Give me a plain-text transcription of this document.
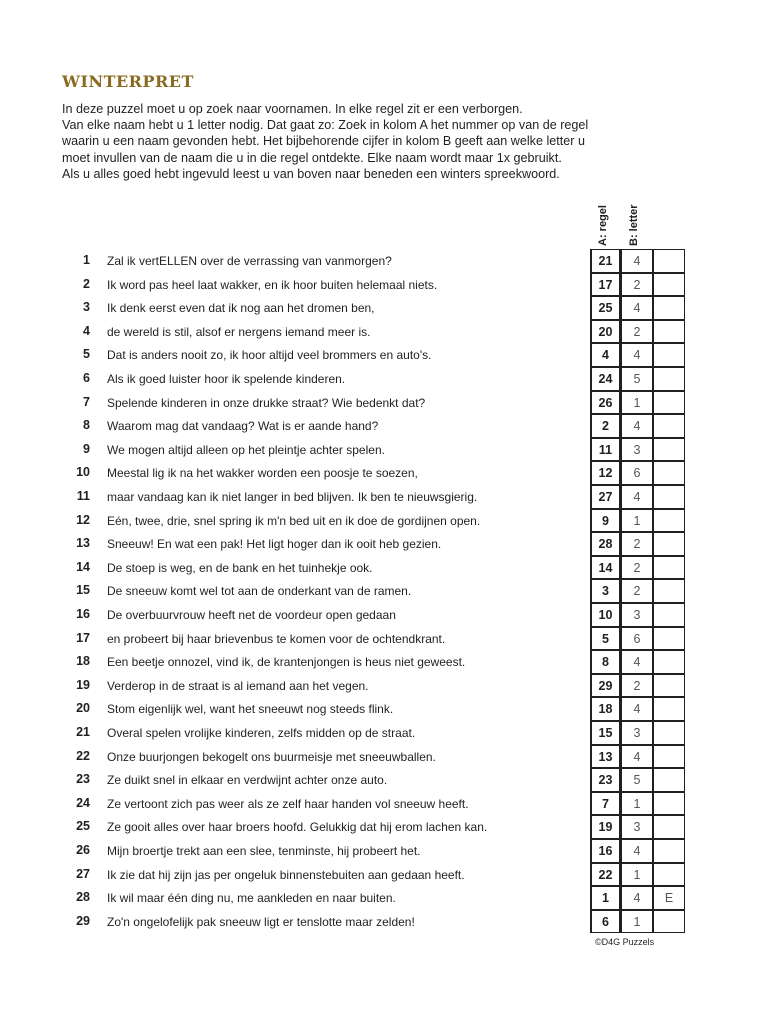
WINTERPRET
In deze puzzel moet u op zoek naar voornamen. In elke regel zit er een verborgen.
Van elke naam hebt u 1 letter nodig. Dat gaat zo: Zoek in kolom A het nummer op van de regel
waarin u een naam gevonden hebt. Het bijbehorende cijfer in kolom B geeft aan welke letter u
moet invullen van de naam die u in die regel ontdekte. Elke naam wordt maar 1x gebruikt.
Als u alles goed hebt ingevuld leest u van boven naar beneden een winters spreekwoord.
A: regel B: letter
1 Zal ik vertELLEN over de verrassing van vanmorgen?	21	4
2 Ik word pas heel laat wakker, en ik hoor buiten helemaal niets.	17	2
3 Ik denk eerst even dat ik nog aan het dromen ben,	25	4
4 de wereld is stil, alsof er nergens iemand meer is.	20	2
5 Dat is anders nooit zo, ik hoor altijd veel brommers en auto's.	4	4
6 Als ik goed luister hoor ik spelende kinderen.	24	5
7 Spelende kinderen in onze drukke straat? Wie bedenkt dat?	26	1
8 Waarom mag dat vandaag? Wat is er aande hand?	2	4
9 We mogen altijd alleen op het pleintje achter spelen.	11	3
10 Meestal lig ik na het wakker worden een poosje te soezen,	12	6
11 maar vandaag kan ik niet langer in bed blijven. Ik ben te nieuwsgierig.	27	4
12 Eén, twee, drie, snel spring ik m'n bed uit en ik doe de gordijnen open.	9	1
13 Sneeuw! En wat een pak! Het ligt hoger dan ik ooit heb gezien.	28	2
14 De stoep is weg, en de bank en het tuinhekje ook.	14	2
15 De sneeuw komt wel tot aan de onderkant van de ramen.	3	2
16 De overbuurvrouw heeft net de voordeur open gedaan	10	3
17 en probeert bij haar brievenbus te komen voor de ochtendkrant.	5	6
18 Een beetje onnozel, vind ik, de krantenjongen is heus niet geweest.	8	4
19 Verderop in de straat is al iemand aan het vegen.	29	2
20 Stom eigenlijk wel, want het sneeuwt nog steeds flink.	18	4
21 Overal spelen vrolijke kinderen, zelfs midden op de straat.	15	3
22 Onze buurjongen bekogelt ons buurmeisje met sneeuwballen.	13	4
23 Ze duikt snel in elkaar en verdwijnt achter onze auto.	23	5
24 Ze vertoont zich pas weer als ze zelf haar handen vol sneeuw heeft.	7	1
25 Ze gooit alles over haar broers hoofd. Gelukkig dat hij erom lachen kan.	19	3
26 Mijn broertje trekt aan een slee, tenminste, hij probeert het.	16	4
27 Ik zie dat hij zijn jas per ongeluk binnenstebuiten aan gedaan heeft.	22	1
28 Ik wil maar één ding nu, me aankleden en naar buiten.	1	4	E
29 Zo'n ongelofelijk pak sneeuw ligt er tenslotte maar zelden!	6	1
©D4G Puzzels
